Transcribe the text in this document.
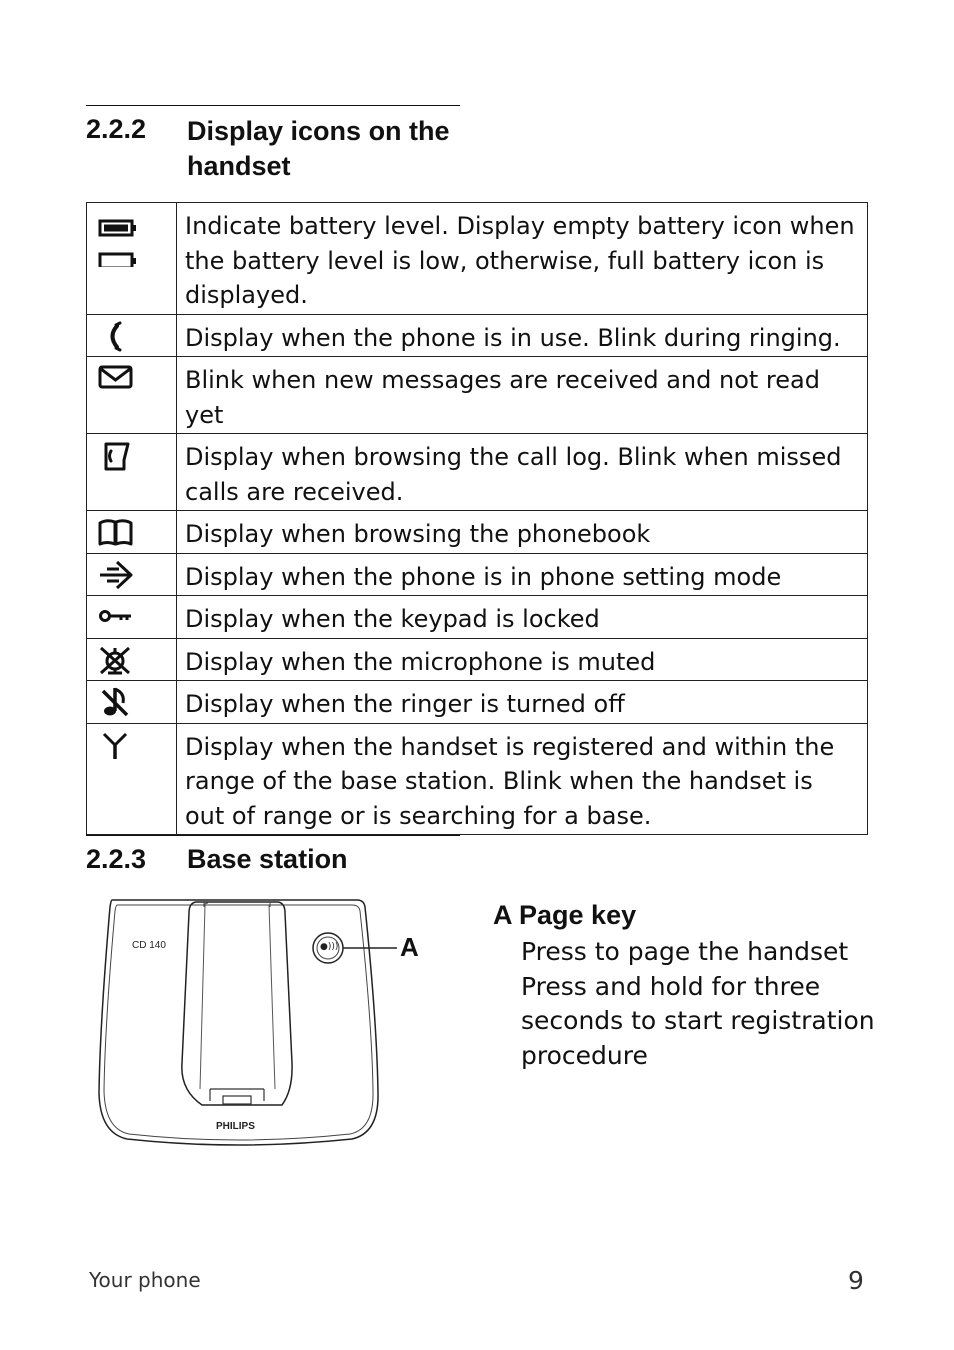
2.2.2 Display icons on the
handset
	Indicate battery level. Display empty battery icon when the battery level is low, otherwise, full battery icon is displayed.

	Display when the phone is in use. Blink during ringing.

	Blink when new messages are received and not read yet

	Display when browsing the call log. Blink when missed calls are received.

	Display when browsing the phonebook

	Display when the phone is in phone setting mode

	Display when the keypad is locked

	Display when the microphone is muted

	Display when the ringer is turned off

	Display when the handset is registered and within the range of the base station. Blink when the handset is out of range or is searching for a base.
2.2.3 Base station
●)))
CD 140
PHILIPS
A
A Page key
Press to page the handset
Press and hold for three
seconds to start registration
procedure
Your phone	9
